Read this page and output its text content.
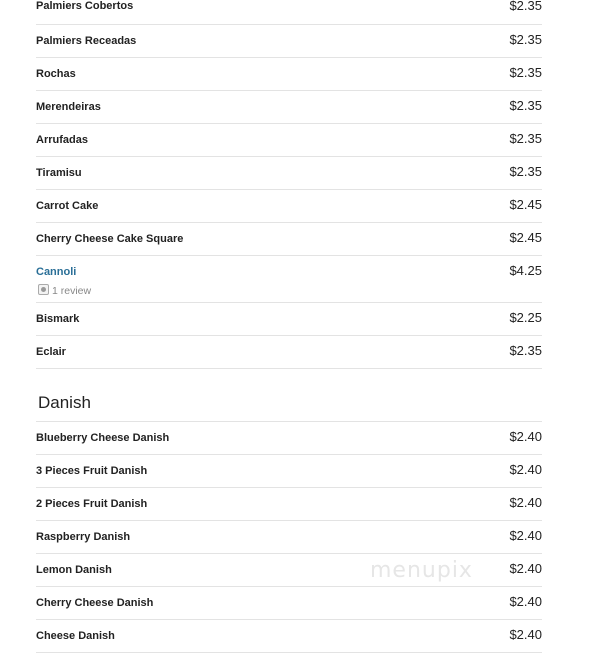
Palmiers Cobertos	$2.35
Palmiers Receadas	$2.35
Rochas	$2.35
Merendeiras	$2.35
Arrufadas	$2.35
Tiramisu	$2.35
Carrot Cake	$2.45
Cherry Cheese Cake Square	$2.45
Cannoli	$4.25
1 review
Bismark	$2.25
Eclair	$2.35
Danish
Blueberry Cheese Danish	$2.40
3 Pieces Fruit Danish	$2.40
2 Pieces Fruit Danish	$2.40
Raspberry Danish	$2.40
Lemon Danish	$2.40
Cherry Cheese Danish	$2.40
Cheese Danish	$2.40
menupix
